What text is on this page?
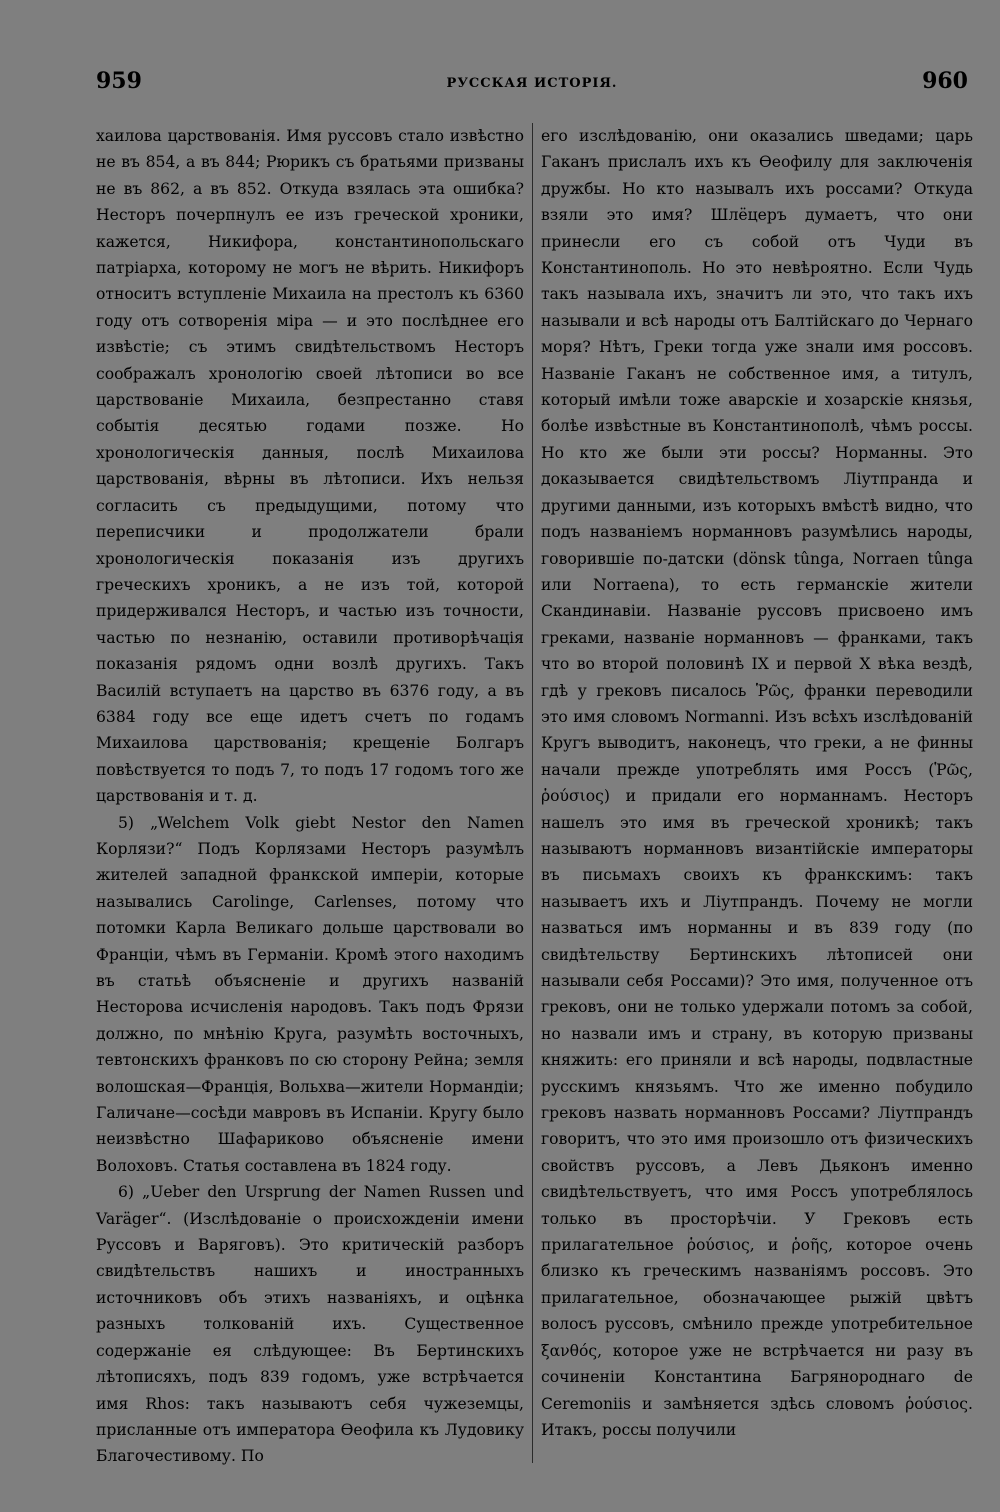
959	РУССКАЯ ИСТОРІЯ.	960

хаилова царствованія. Имя руссовъ стало извѣстно не въ 854, а въ 844; Рюрикъ съ братьями призваны не въ 862, а въ 852. Откуда взялась эта ошибка? Несторъ почерпнулъ ее изъ греческой хроники, кажется, Никифора, константинопольскаго патріарха, которому не могъ не вѣрить. Никифоръ относитъ вступленіе Михаила на престолъ къ 6360 году отъ сотворенія міра — и это послѣднее его извѣстіе; съ этимъ свидѣтельствомъ Несторъ соображалъ хронологію своей лѣтописи во все царствованіе Михаила, безпрестанно ставя событія десятью годами позже. Но хронологическія данныя, послѣ Михаилова царствованія, вѣрны въ лѣтописи. Ихъ нельзя согласить съ предыдущими, потому что переписчики и продолжатели брали хронологическія показанія изъ другихъ греческихъ хроникъ, а не изъ той, которой придерживался Несторъ, и частью изъ точности, частью по незнанію, оставили противорѣчація показанія рядомъ одни возлѣ другихъ. Такъ Василій вступаетъ на царство въ 6376 году, а въ 6384 году все еще идетъ счетъ по годамъ Михаилова царствованія; крещеніе Болгаръ повѣствуется то подъ 7, то подъ 17 годомъ того же царствованія и т. д.

5) „Welchem Volk giebt Nestor den Namen Корлязи?“ Подъ Корлязами Несторъ разумѣлъ жителей западной франкской имперіи, которые назывались Carolinge, Carlenses, потому что потомки Карла Великаго дольше царствовали во Франціи, чѣмъ въ Германіи. Кромѣ этого находимъ въ статьѣ объясненіе и другихъ названій Несторова исчисленія народовъ. Такъ подъ Фрязи должно, по мнѣнію Круга, разумѣть восточныхъ, тевтонскихъ франковъ по сю сторону Рейна; земля волошская—Франція, Вольхва—жители Нормандіи; Галичане—сосѣди мавровъ въ Испаніи. Кругу было неизвѣстно Шафариково объясненіе имени Волоховъ. Статья составлена въ 1824 году.

6) „Ueber den Ursprung der Namen Russen und Varäger“. (Изслѣдованіе о происхожденіи имени Руссовъ и Варяговъ). Это критическій разборъ свидѣтельствъ нашихъ и иностранныхъ источниковъ объ этихъ названіяхъ, и оцѣнка разныхъ толкованій ихъ. Существенное содержаніе ея слѣдующее: Въ Бертинскихъ лѣтописяхъ, подъ 839 годомъ, уже встрѣчается имя Rhos: такъ называютъ себя чужеземцы, присланные отъ императора Ѳеофила къ Лудовику Благочестивому. По

его изслѣдованію, они оказались шведами; царь Гаканъ прислалъ ихъ къ Ѳеофилу для заключенія дружбы. Но кто называлъ ихъ россами? Откуда взяли это имя? Шлёцеръ думаетъ, что они принесли его съ собой отъ Чуди въ Константинополь. Но это невѣроятно. Если Чудь такъ называла ихъ, значитъ ли это, что такъ ихъ называли и всѣ народы отъ Балтійскаго до Чернаго моря? Нѣтъ, Греки тогда уже знали имя россовъ. Названіе Гаканъ не собственное имя, а титулъ, который имѣли тоже аварскіе и хозарскіе князья, болѣе извѣстные въ Константинополѣ, чѣмъ россы. Но кто же были эти россы? Норманны. Это доказывается свидѣтельствомъ Ліутпранда и другими данными, изъ которыхъ вмѣстѣ видно, что подъ названіемъ норманновъ разумѣлись народы, говорившіе по-датски (dönsk tûnga, Norraen tûnga или Norraena), то есть германскіе жители Скандинавіи. Названіе руссовъ присвоено имъ греками, названіе норманновъ — франками, такъ что во второй половинѣ IX и первой X вѣка вездѣ, гдѣ у грековъ писалось Ῥῶς, франки переводили это имя словомъ Normanni. Изъ всѣхъ изслѣдованій Кругъ выводитъ, наконецъ, что греки, а не финны начали прежде употреблять имя Россъ (Ῥῶς, ῥούσιος) и придали его норманнамъ. Несторъ нашелъ это имя въ греческой хроникѣ; такъ называютъ норманновъ византійскіе императоры въ письмахъ своихъ къ франкскимъ: такъ называетъ ихъ и Ліутпрандъ. Почему не могли назваться имъ норманны и въ 839 году (по свидѣтельству Бертинскихъ лѣтописей они называли себя Россами)? Это имя, полученное отъ грековъ, они не только удержали потомъ за собой, но назвали имъ и страну, въ которую призваны княжить: его приняли и всѣ народы, подвластные русскимъ князьямъ. Что же именно побудило грековъ назвать норманновъ Россами? Ліутпрандъ говоритъ, что это имя произошло отъ физическихъ свойствъ руссовъ, а Левъ Дьяконъ именно свидѣтельствуетъ, что имя Россъ употреблялось только въ просторѣчіи. У Грековъ есть прилагательное ῥούσιος, и ῥοῆς, которое очень близко къ греческимъ названіямъ россовъ. Это прилагательное, обозначающее рыжій цвѣтъ волосъ руссовъ, смѣнило прежде употребительное ξανθός, которое уже не встрѣчается ни разу въ сочиненіи Константина Багрянороднаго de Ceremoniis и замѣняется здѣсь словомъ ῥούσιος. Итакъ, россы получили
